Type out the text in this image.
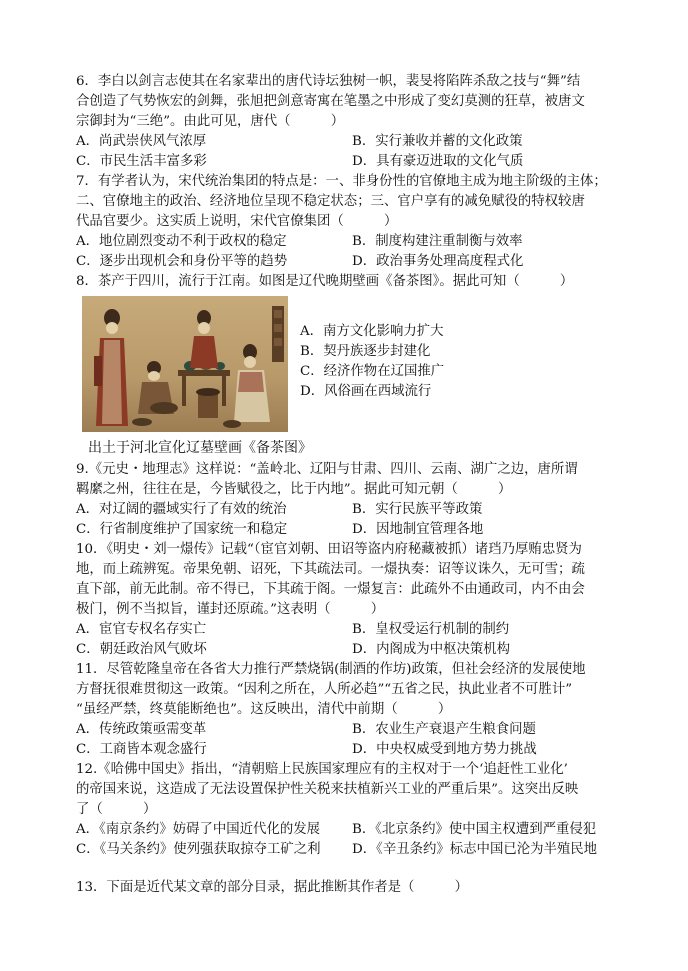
6．李白以剑言志使其在名家辈出的唐代诗坛独树一帜，裴旻将陷阵杀敌之技与“舞”结
合创造了气势恢宏的剑舞，张旭把剑意寄寓在笔墨之中形成了变幻莫测的狂草，被唐文
宗御封为“三绝”。由此可见，唐代（　　　）
A．尚武崇侠风气浓厚	B．实行兼收并蓄的文化政策
C．市民生活丰富多彩	D．具有豪迈进取的文化气质
7．有学者认为，宋代统治集团的特点是：一、非身份性的官僚地主成为地主阶级的主体；
二、官僚地主的政治、经济地位呈现不稳定状态；三、官户享有的减免赋役的特权较唐
代品官要少。这实质上说明，宋代官僚集团（　　　）
A．地位剧烈变动不利于政权的稳定	B．制度构建注重制衡与效率
C．逐步出现机会和身份平等的趋势	D．政治事务处理高度程式化
8．茶产于四川，流行于江南。如图是辽代晚期壁画《备茶图》。据此可知（　　　）
A．南方文化影响力扩大
B．契丹族逐步封建化
C．经济作物在辽国推广
D．风俗画在西域流行
出土于河北宣化辽墓壁画《备茶图》
9.《元史・地理志》这样说：“盖岭北、辽阳与甘肃、四川、云南、湖广之边，唐所谓
羁縻之州，往往在是，今皆赋役之，比于内地”。据此可知元朝（　　　）
A．对辽阔的疆域实行了有效的统治	B．实行民族平等政策
C．行省制度维护了国家统一和稳定	D．因地制宜管理各地
10．《明史・刘一燝传》记载“（宦官刘朝、田诏等盗内府秘藏被抓）诸珰乃厚贿忠贤为
地，而上疏辨冤。帝果免朝、诏死，下其疏法司。一燝执奏：诏等议诛久，无可雪；疏
直下部，前无此制。帝不得已，下其疏于阁。一燝复言：此疏外不由通政司，内不由会
极门，例不当拟旨，谨封还原疏。”这表明（　　　）
A．宦官专权名存实亡	B．皇权受运行机制的制约
C．朝廷政治风气败坏	D．内阁成为中枢决策机构
11．尽管乾隆皇帝在各省大力推行严禁烧锅(制酒的作坊)政策，但社会经济的发展使地
方督抚很难贯彻这一政策。“因利之所在，人所必趋”“五省之民，执此业者不可胜计”
“虽经严禁，终莫能断绝也”。这反映出，清代中前期（　　　）
A．传统政策亟需变革	B．农业生产衰退产生粮食问题
C．工商皆本观念盛行	D．中央权威受到地方势力挑战
12.《哈佛中国史》指出，“清朝赔上民族国家理应有的主权对于一个‘追赶性工业化’
的帝国来说，这造成了无法设置保护性关税来扶植新兴工业的严重后果”。这突出反映
了（　　　）
A．《南京条约》妨碍了中国近代化的发展 B．《北京条约》使中国主权遭到严重侵犯
C．《马关条约》使列强获取掠夺工矿之利 D．《辛丑条约》标志中国已沦为半殖民地
13．下面是近代某文章的部分目录，据此推断其作者是（　　　）
